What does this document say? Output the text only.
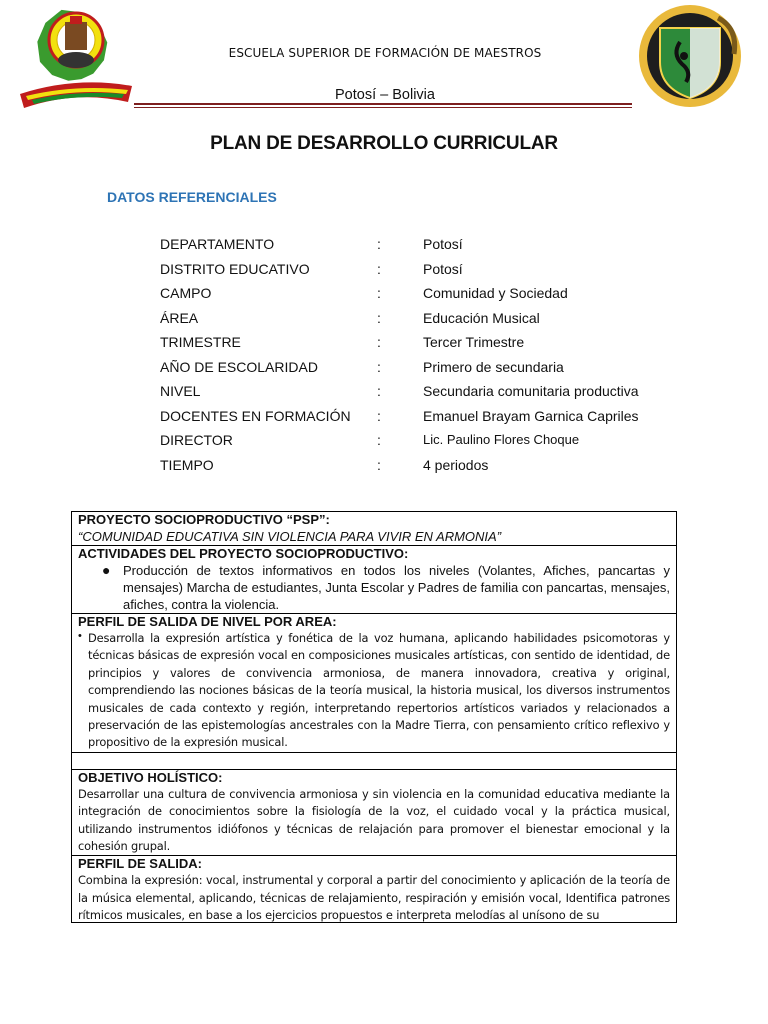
ESCUELA SUPERIOR DE FORMACIÓN DE MAESTROS
Potosí – Bolivia
PLAN DE DESARROLLO CURRICULAR
DATOS REFERENCIALES
DEPARTAMENTO	:	Potosí
DISTRITO EDUCATIVO	:	Potosí
CAMPO	:	Comunidad y Sociedad
ÁREA	:	Educación Musical
TRIMESTRE	:	Tercer Trimestre
AÑO DE ESCOLARIDAD	:	Primero de secundaria
NIVEL	:	Secundaria comunitaria productiva
DOCENTES EN FORMACIÓN :	Emanuel Brayam Garnica Capriles
DIRECTOR	:	Lic. Paulino Flores Choque
TIEMPO	:	4 periodos
PROYECTO SOCIOPRODUCTIVO “PSP”:
“COMUNIDAD EDUCATIVA SIN VIOLENCIA PARA VIVIR EN ARMONIA”
ACTIVIDADES DEL PROYECTO SOCIOPRODUCTIVO:
● Producción de textos informativos en todos los niveles (Volantes, Afiches, pancartas y mensajes) Marcha de estudiantes, Junta Escolar y Padres de familia con pancartas, mensajes, afiches, contra la violencia.
PERFIL DE SALIDA DE NIVEL POR AREA:
• Desarrolla la expresión artística y fonética de la voz humana, aplicando habilidades psicomotoras y técnicas básicas de expresión vocal en composiciones musicales artísticas, con sentido de identidad, de principios y valores de convivencia armoniosa, de manera innovadora, creativa y original, comprendiendo las nociones básicas de la teoría musical, la historia musical, los diversos instrumentos musicales de cada contexto y región, interpretando repertorios artísticos variados y relacionados a preservación de las epistemologías ancestrales con la Madre Tierra, con pensamiento crítico reflexivo y propositivo de la expresión musical.
OBJETIVO HOLÍSTICO:
Desarrollar una cultura de convivencia armoniosa y sin violencia en la comunidad educativa mediante la integración de conocimientos sobre la fisiología de la voz, el cuidado vocal y la práctica musical, utilizando instrumentos idiófonos y técnicas de relajación para promover el bienestar emocional y la cohesión grupal.
PERFIL DE SALIDA:
Combina la expresión: vocal, instrumental y corporal a partir del conocimiento y aplicación de la teoría de la música elemental, aplicando, técnicas de relajamiento, respiración y emisión vocal, Identifica patrones rítmicos musicales, en base a los ejercicios propuestos e interpreta melodías al unísono de su
